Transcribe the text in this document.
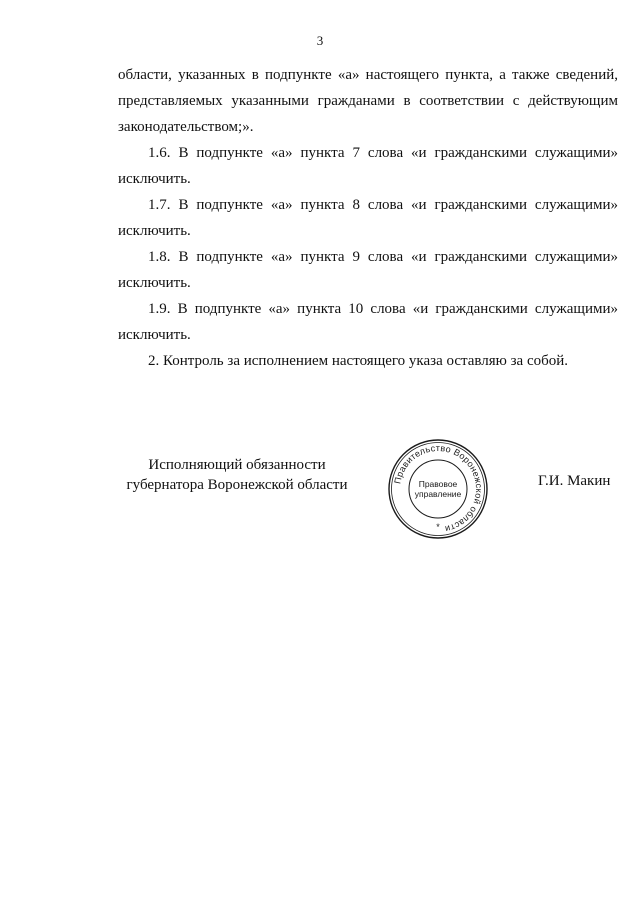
3

области, указанных в подпункте «а» настоящего пункта, а также сведений, представляемых указанными гражданами в соответствии с действующим законодательством;».

1.6. В подпункте «а» пункта 7 слова «и гражданскими служащими» исключить.

1.7. В подпункте «а» пункта 8 слова «и гражданскими служащими» исключить.

1.8. В подпункте «а» пункта 9 слова «и гражданскими служащими» исключить.

1.9. В подпункте «а» пункта 10 слова «и гражданскими служащими» исключить.

2. Контроль за исполнением настоящего указа оставляю за собой.

Исполняющий обязанности
губернатора Воронежской области	Правительство Воронежской области
Правовое
управление
*
Г.И. Макин
